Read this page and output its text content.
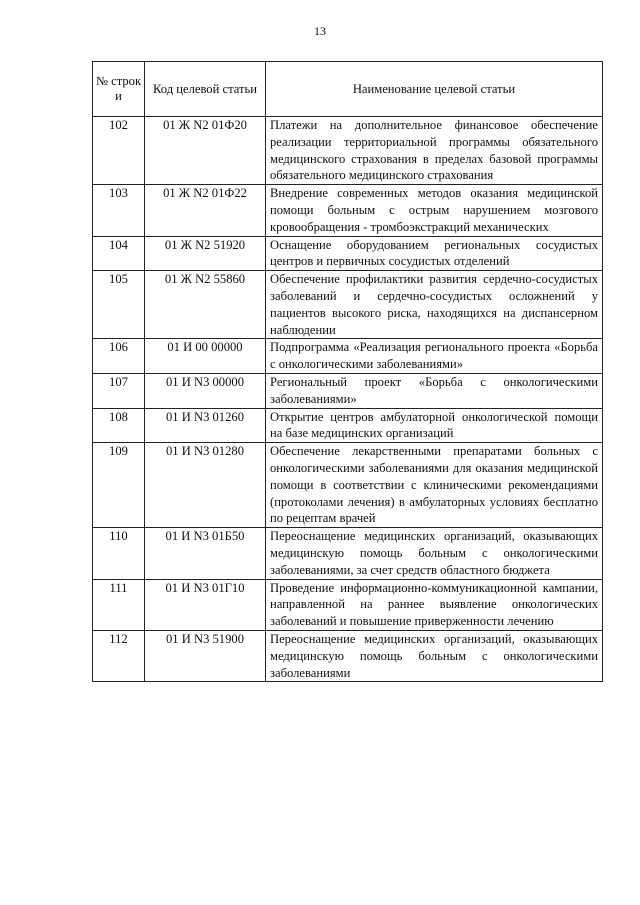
13
№ строк и	Код целевой статьи	Наименование целевой статьи
102	01 Ж N2 01Ф20	Платежи на дополнительное финансовое обеспечение реализации территориальной программы обязательного медицинского страхования в пределах базовой программы обязательного медицинского страхования
103	01 Ж N2 01Ф22	Внедрение современных методов оказания медицинской помощи больным с острым нарушением мозгового кровообращения - тромбоэкстракций механических
104	01 Ж N2 51920	Оснащение оборудованием региональных сосудистых центров и первичных сосудистых отделений
105	01 Ж N2 55860	Обеспечение профилактики развития сердечно-сосудистых заболеваний и сердечно-сосудистых осложнений у пациентов высокого риска, находящихся на диспансерном наблюдении
106	01 И 00 00000	Подпрограмма «Реализация регионального проекта «Борьба с онкологическими заболеваниями»
107	01 И N3 00000	Региональный проект «Борьба с онкологическими заболеваниями»
108	01 И N3 01260	Открытие центров амбулаторной онкологической помощи на базе медицинских организаций
109	01 И N3 01280	Обеспечение лекарственными препаратами больных с онкологическими заболеваниями для оказания медицинской помощи в соответствии с клиническими рекомендациями (протоколами лечения) в амбулаторных условиях бесплатно по рецептам врачей
110	01 И N3 01Б50	Переоснащение медицинских организаций, оказывающих медицинскую помощь больным с онкологическими заболеваниями, за счет средств областного бюджета
111	01 И N3 01Г10	Проведение информационно-коммуникационной кампании, направленной на раннее выявление онкологических заболеваний и повышение приверженности лечению
112	01 И N3 51900	Переоснащение медицинских организаций, оказывающих медицинскую помощь больным с онкологическими заболеваниями
